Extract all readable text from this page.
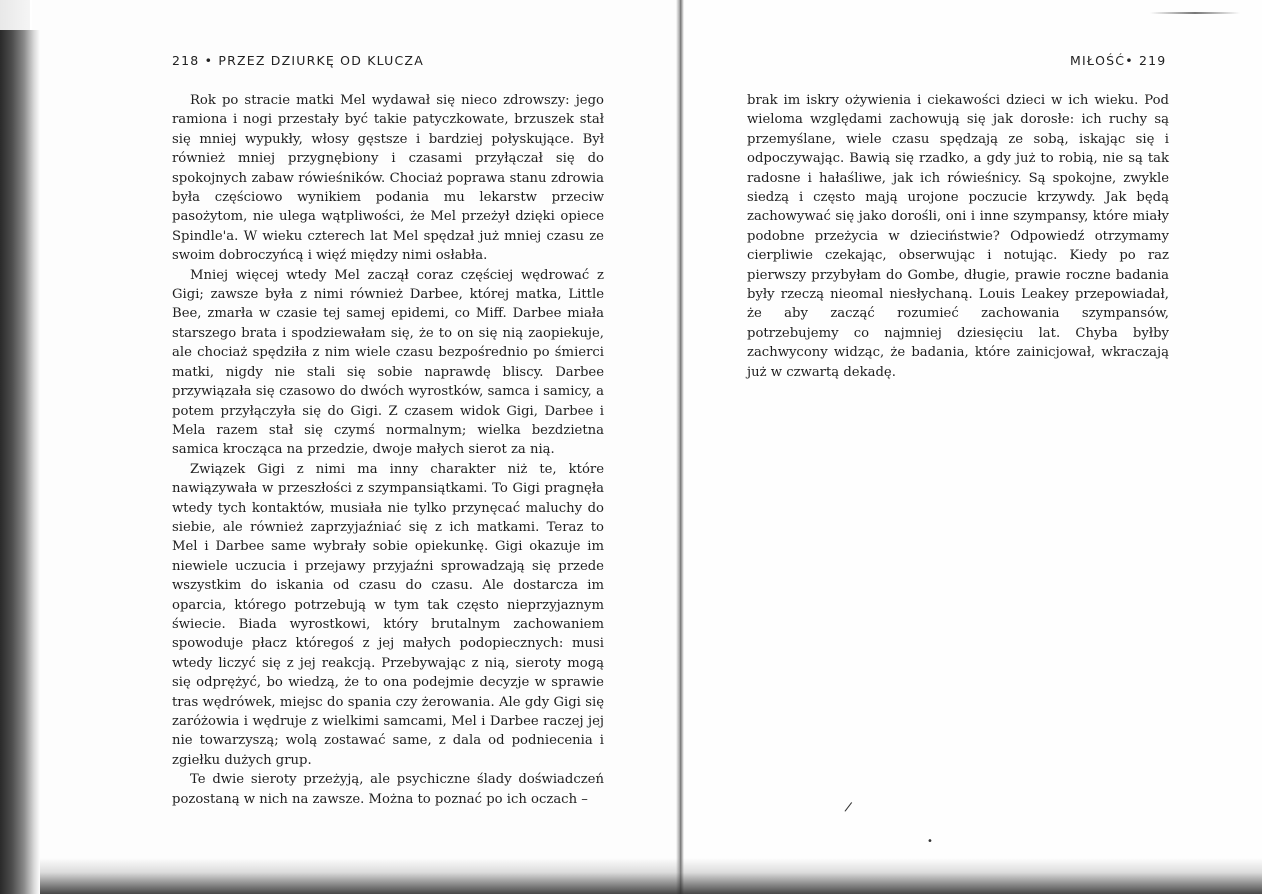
218 • PRZEZ DZIURKĘ OD KLUCZA	MIŁOŚĆ• 219

Rok po stracie matki Mel wydawał się nieco zdrowszy: jego ramiona i nogi przestały być takie patyczkowate, brzuszek stał się mniej wypukły, włosy gęstsze i bardziej połyskujące. Był również mniej przygnębiony i czasami przyłączał się do spokojnych zabaw rówieśników. Chociaż poprawa stanu zdrowia była częściowo wynikiem podania mu lekarstw przeciw pasożytom, nie ulega wątpliwości, że Mel przeżył dzięki opiece Spindle'a. W wieku czterech lat Mel spędzał już mniej czasu ze swoim dobroczyńcą i więź między nimi osłabła.

Mniej więcej wtedy Mel zaczął coraz częściej wędrować z Gigi; zawsze była z nimi również Darbee, której matka, Little Bee, zmarła w czasie tej samej epidemi, co Miff. Darbee miała starszego brata i spodziewałam się, że to on się nią zaopiekuje, ale chociaż spędziła z nim wiele czasu bezpośrednio po śmierci matki, nigdy nie stali się sobie naprawdę bliscy. Darbee przywiązała się czasowo do dwóch wyrostków, samca i samicy, a potem przyłączyła się do Gigi. Z czasem widok Gigi, Darbee i Mela razem stał się czymś normalnym; wielka bezdzietna samica krocząca na przedzie, dwoje małych sierot za nią.

Związek Gigi z nimi ma inny charakter niż te, które nawiązywała w przeszłości z szympansiątkami. To Gigi pragnęła wtedy tych kontaktów, musiała nie tylko przynęcać maluchy do siebie, ale również zaprzyjaźniać się z ich matkami. Teraz to Mel i Darbee same wybrały sobie opiekunkę. Gigi okazuje im niewiele uczucia i przejawy przyjaźni sprowadzają się przede wszystkim do iskania od czasu do czasu. Ale dostarcza im oparcia, którego potrzebują w tym tak często nieprzyjaznym świecie. Biada wyrostkowi, który brutalnym zachowaniem spowoduje płacz któregoś z jej małych podopiecznych: musi wtedy liczyć się z jej reakcją. Przebywając z nią, sieroty mogą się odprężyć, bo wiedzą, że to ona podejmie decyzje w sprawie tras wędrówek, miejsc do spania czy żerowania. Ale gdy Gigi się zaróżowia i wędruje z wielkimi samcami, Mel i Darbee raczej jej nie towarzyszą; wolą zostawać same, z dala od podniecenia i zgiełku dużych grup.

Te dwie sieroty przeżyją, ale psychiczne ślady doświadczeń pozostaną w nich na zawsze. Można to poznać po ich oczach –

brak im iskry ożywienia i ciekawości dzieci w ich wieku. Pod wieloma względami zachowują się jak dorosłe: ich ruchy są przemyślane, wiele czasu spędzają ze sobą, iskając się i odpoczywając. Bawią się rzadko, a gdy już to robią, nie są tak radosne i hałaśliwe, jak ich rówieśnicy. Są spokojne, zwykle siedzą i często mają urojone poczucie krzywdy. Jak będą zachowywać się jako dorośli, oni i inne szympansy, które miały podobne przeżycia w dzieciństwie? Odpowiedź otrzymamy cierpliwie czekając, obserwując i notując. Kiedy po raz pierwszy przybyłam do Gombe, długie, prawie roczne badania były rzeczą nieomal niesłychaną. Louis Leakey przepowiadał, że aby zacząć rozumieć zachowania szympansów, potrzebujemy co najmniej dziesięciu lat. Chyba byłby zachwycony widząc, że badania, które zainicjował, wkraczają już w czwartą dekadę.

/
•
